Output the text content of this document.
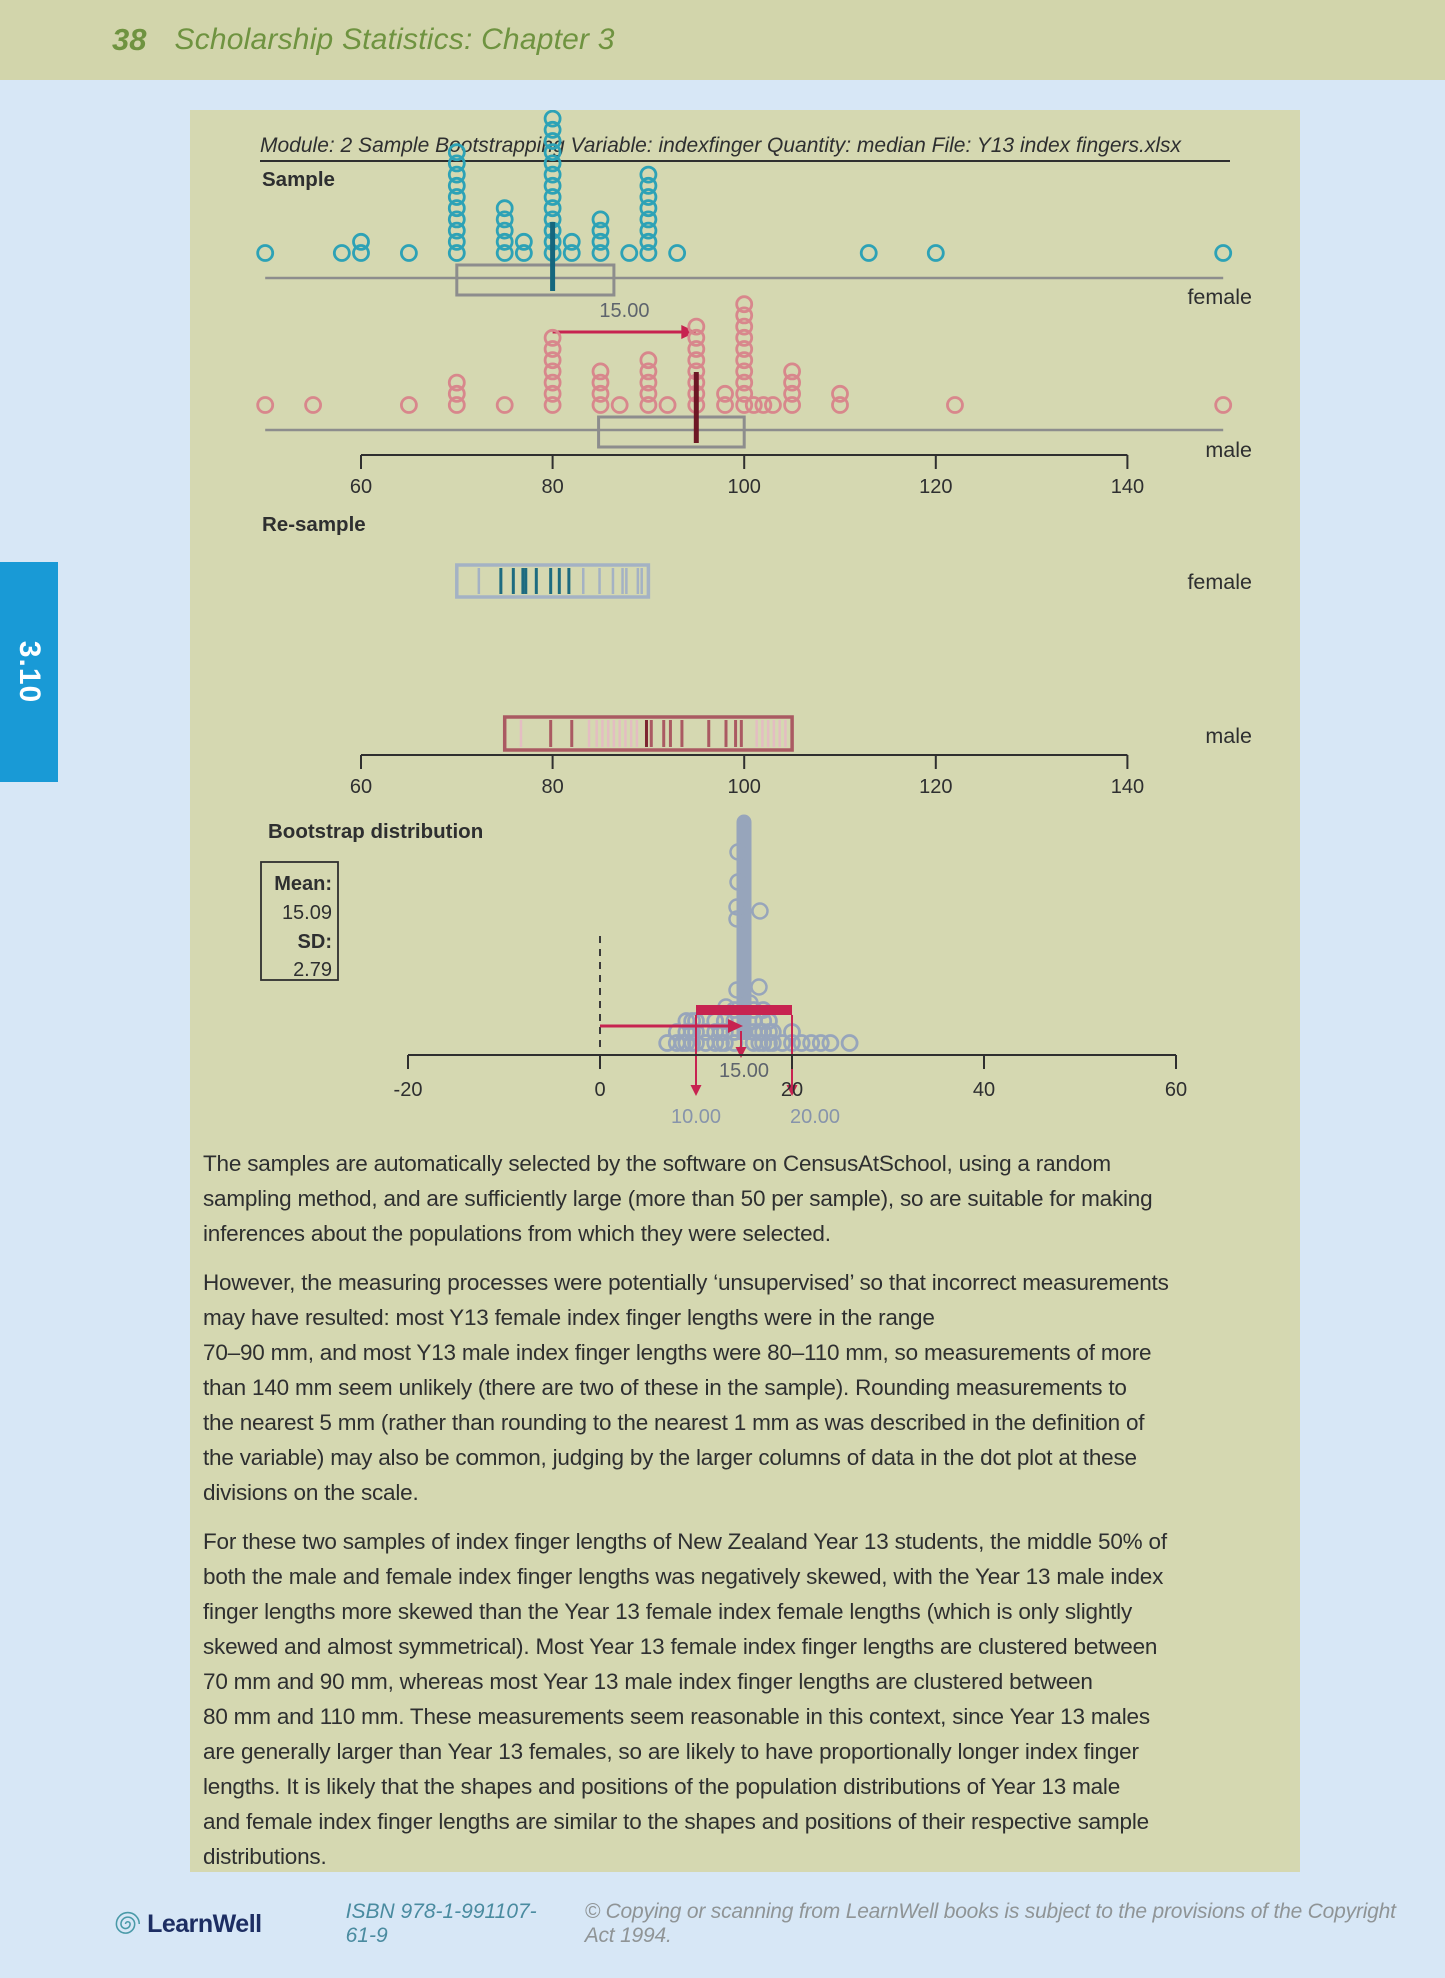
38 Scholarship Statistics: Chapter 3
3.10
Module: 2 Sample Bootstrapping Variable: indexfinger Quantity: median File: Y13 index fingers.xlsx
Sample
female
15.00
male
60	80	100	120	140
Re-sample
female
male
60	80	100	120	140
Bootstrap distribution
Mean:
15.09
SD:
2.79
15.00
-20	0	20	40	60
10.00	20.00
The samples are automatically selected by the software on CensusAtSchool, using a random
sampling method, and are sufficiently large (more than 50 per sample), so are suitable for making
inferences about the populations from which they were selected.
However, the measuring processes were potentially ‘unsupervised’ so that incorrect measurements
may have resulted: most Y13 female index finger lengths were in the range
70–90 mm, and most Y13 male index finger lengths were 80–110 mm, so measurements of more
than 140 mm seem unlikely (there are two of these in the sample). Rounding measurements to
the nearest 5 mm (rather than rounding to the nearest 1 mm as was described in the definition of
the variable) may also be common, judging by the larger columns of data in the dot plot at these
divisions on the scale.
For these two samples of index finger lengths of New Zealand Year 13 students, the middle 50% of
both the male and female index finger lengths was negatively skewed, with the Year 13 male index
finger lengths more skewed than the Year 13 female index female lengths (which is only slightly
skewed and almost symmetrical). Most Year 13 female index finger lengths are clustered between
70 mm and 90 mm, whereas most Year 13 male index finger lengths are clustered between
80 mm and 110 mm. These measurements seem reasonable in this context, since Year 13 males
are generally larger than Year 13 females, so are likely to have proportionally longer index finger
lengths. It is likely that the shapes and positions of the population distributions of Year 13 male
and female index finger lengths are similar to the shapes and positions of their respective sample
distributions.
LearnWell	ISBN 978-1-991107-61-9
© Copying or scanning from LearnWell books is subject to the provisions of the Copyright Act 1994.
